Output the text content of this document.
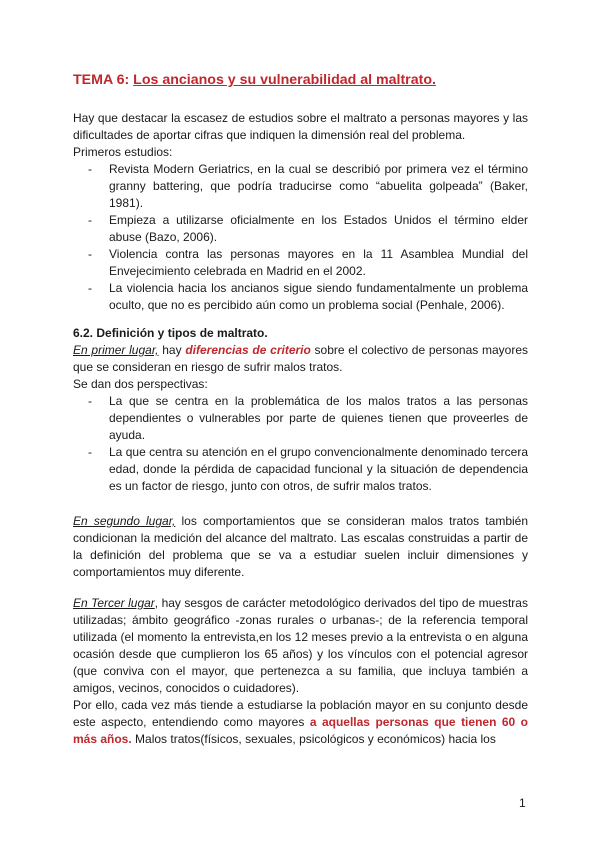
TEMA 6: Los ancianos y su vulnerabilidad al maltrato.

Hay que destacar la escasez de estudios sobre el maltrato a personas mayores y las dificultades de aportar cifras que indiquen la dimensión real del problema.

Primeros estudios:

- Revista Modern Geriatrics, en la cual se describió por primera vez el término granny battering, que podría traducirse como “abuelita golpeada” (Baker, 1981).
- Empieza a utilizarse oficialmente en los Estados Unidos el término elder abuse (Bazo, 2006).
- Violencia contra las personas mayores en la 11 Asamblea Mundial del Envejecimiento celebrada en Madrid en el 2002.
- La violencia hacia los ancianos sigue siendo fundamentalmente un problema oculto, que no es percibido aún como un problema social (Penhale, 2006).

6.2. Definición y tipos de maltrato.

En primer lugar, hay diferencias de criterio sobre el colectivo de personas mayores que se consideran en riesgo de sufrir malos tratos.

Se dan dos perspectivas:

- La que se centra en la problemática de los malos tratos a las personas dependientes o vulnerables por parte de quienes tienen que proveerles de ayuda.
- La que centra su atención en el grupo convencionalmente denominado tercera edad, donde la pérdida de capacidad funcional y la situación de dependencia es un factor de riesgo, junto con otros, de sufrir malos tratos.

En segundo lugar, los comportamientos que se consideran malos tratos también condicionan la medición del alcance del maltrato. Las escalas construidas a partir de la definición del problema que se va a estudiar suelen incluir dimensiones y comportamientos muy diferente.

En Tercer lugar, hay sesgos de carácter metodológico derivados del tipo de muestras utilizadas; ámbito geográfico -zonas rurales o urbanas-; de la referencia temporal utilizada (el momento la entrevista,en los 12 meses previo a la entrevista o en alguna ocasión desde que cumplieron los 65 años) y los vínculos con el potencial agresor (que conviva con el mayor, que pertenezca a su familia, que incluya también a amigos, vecinos, conocidos o cuidadores).

Por ello, cada vez más tiende a estudiarse la población mayor en su conjunto desde este aspecto, entendiendo como mayores a aquellas personas que tienen 60 o más años. Malos tratos(físicos, sexuales, psicológicos y económicos) hacia los

1
